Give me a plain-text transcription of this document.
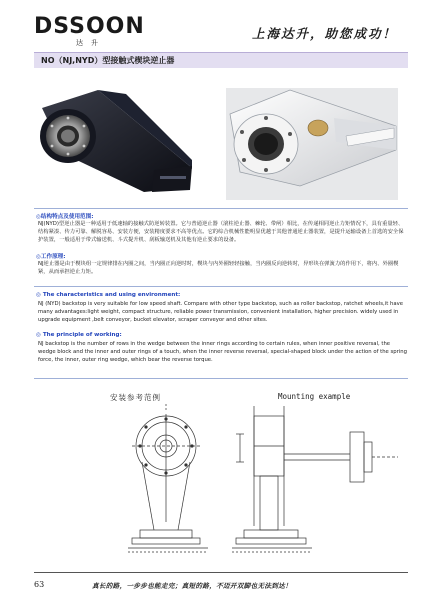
DSSOON
达升
上海达升，助您成功！
NO（NJ,NYD）型接触式楔块逆止器
◎结构特点及使用范围:
NJ(NYD)型逆止器是一种适用于低速轴的接触式防逆转装置。它与普通逆止器（滚柱逆止器、棘轮、带闸）相比，在传递相同逆止力矩情况下，具有重量轻、结构紧凑、传力可靠、解脱容易、安装方便，安装精度要求不高等优点。它的综合机械性能明显优越于其他普通逆止器装置，是提升运输设备上首选的安全保护装置，一般适用于带式输送机、斗式提升机、刮板输送机及其他有逆止要求的设备。
◎工作原理:
NJ逆止器是由于楔块组一定规律排在内圈之间，当内圈正向逆时时，楔块与内外圈轻轻接触，当内圈反向逆转时，异形块在弹簧力的作用下，将内、外圈楔紧，从而承担逆止力矩。
◎ The characteristics and using environment:
NJ (NYD) backstop is very suitable for low speed shaft. Compare with other type backstop, such as roller backstop, ratchet wheels,it have many advantages:light weight, compact structure, reliable power transmission, convenient installation, higher precision. widely used in upgrade equipment ,belt conveyor, bucket elevator, scraper conveyor and other sites.
◎ The principle of working:
NJ backstop is the number of rows in the wedge between the inner rings according to certain rules, when inner positive reversal, the wedge block and the inner and outer rings of a touch, when the inner reverse reversal, special-shaped block under the action of the spring force, the inner, outer ring wedge, which bear the reverse torque.
安装参考范例	Mounting example
63	真长的路，一步步也能走完；真短的路，不迈开双脚也无法到达！
